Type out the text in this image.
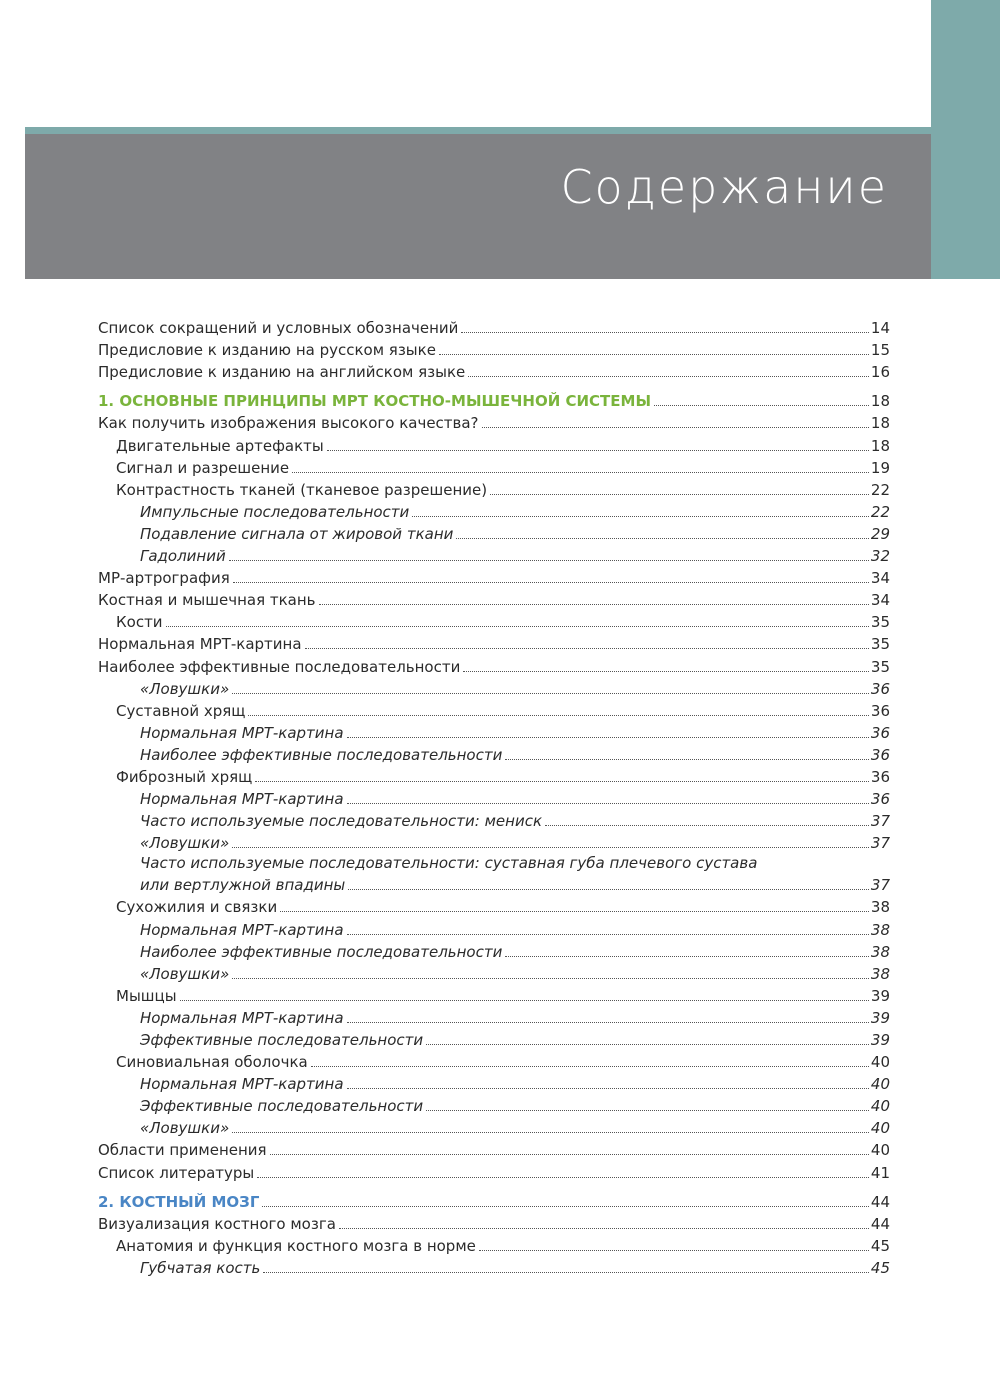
Содержание
Список сокращений и условных обозначений	14
Предисловие к изданию на русском языке	15
Предисловие к изданию на английском языке	16
1. ОСНОВНЫЕ ПРИНЦИПЫ МРТ КОСТНО-МЫШЕЧНОЙ СИСТЕМЫ	18
Как получить изображения высокого качества?	18
Двигательные артефакты	18
Сигнал и разрешение	19
Контрастность тканей (тканевое разрешение)	22
Импульсные последовательности	22
Подавление сигнала от жировой ткани	29
Гадолиний	32
МР-артрография	34
Костная и мышечная ткань	34
Кости	35
Нормальная МРТ-картина	35
Наиболее эффективные последовательности	35
«Ловушки»	36
Суставной хрящ	36
Нормальная МРТ-картина	36
Наиболее эффективные последовательности	36
Фиброзный хрящ	36
Нормальная МРТ-картина	36
Часто используемые последовательности: мениск	37
«Ловушки»	37
Часто используемые последовательности: суставная губа плечевого сустава
или вертлужной впадины	37
Сухожилия и связки	38
Нормальная МРТ-картина	38
Наиболее эффективные последовательности	38
«Ловушки»	38
Мышцы	39
Нормальная МРТ-картина	39
Эффективные последовательности	39
Синовиальная оболочка	40
Нормальная МРТ-картина	40
Эффективные последовательности	40
«Ловушки»	40
Области применения	40
Список литературы	41
2. КОСТНЫЙ МОЗГ	44
Визуализация костного мозга	44
Анатомия и функция костного мозга в норме	45
Губчатая кость	45
